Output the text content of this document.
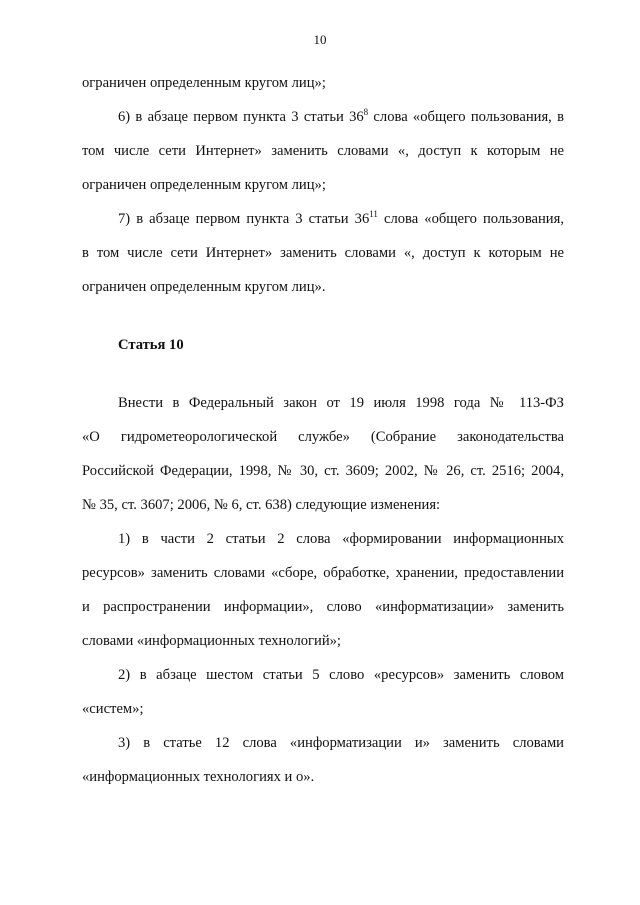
10
ограничен определенным кругом лиц»;
6) в абзаце первом пункта 3 статьи $36^8$ слова «общего пользования, в
том числе сети Интернет» заменить словами «, доступ к которым не
ограничен определенным кругом лиц»;
7) в абзаце первом пункта 3 статьи $36^{11}$ слова «общего пользования,
в том числе сети Интернет» заменить словами «, доступ к которым не
ограничен определенным кругом лиц».
Статья 10
Внести в Федеральный закон от 19 июля 1998 года № 113-ФЗ
«О гидрометеорологической службе» (Собрание законодательства
Российской Федерации, 1998, № 30, ст. 3609; 2002, № 26, ст. 2516; 2004,
№ 35, ст. 3607; 2006, № 6, ст. 638) следующие изменения:
1) в части 2 статьи 2 слова «формировании информационных
ресурсов» заменить словами «сборе, обработке, хранении, предоставлении
и распространении информации», слово «информатизации» заменить
словами «информационных технологий»;
2) в абзаце шестом статьи 5 слово «ресурсов» заменить словом
«систем»;
3) в статье 12 слова «информатизации и» заменить словами
«информационных технологиях и о».
